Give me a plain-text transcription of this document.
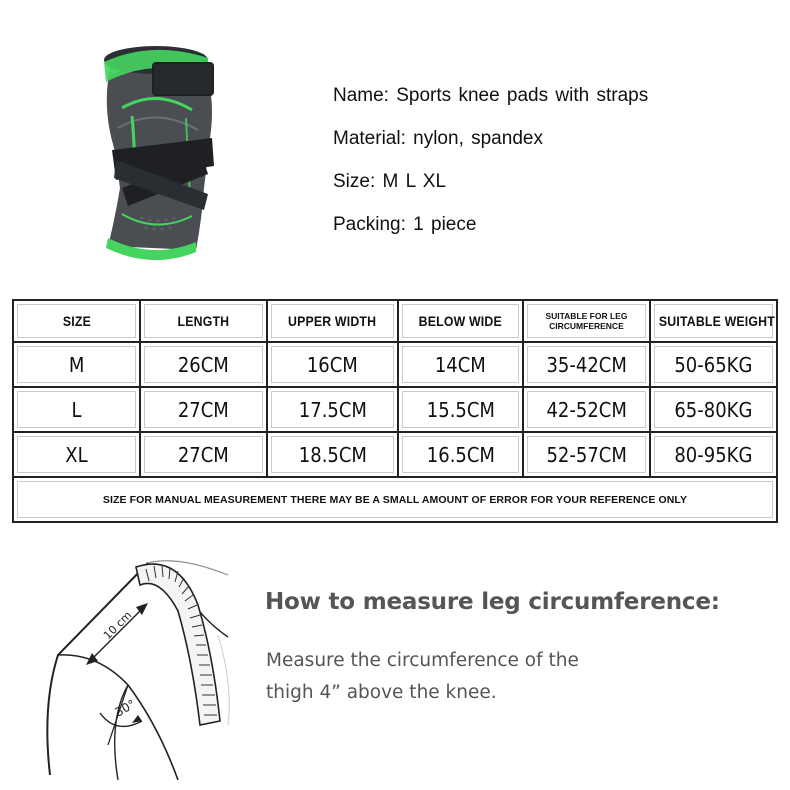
Name: Sports knee pads with straps
Material: nylon, spandex
Size: M L XL
Packing: 1 piece
SIZE	LENGTH	UPPER WIDTH	BELOW WIDE	SUITABLE FOR LEG CIRCUMFERENCE	SUITABLE WEIGHT
M	26CM	16CM	14CM	35-42CM	50-65KG
L	27CM	17.5CM	15.5CM	42-52CM	65-80KG
XL	27CM	18.5CM	16.5CM	52-57CM	80-95KG
SIZE FOR MANUAL MEASUREMENT THERE MAY BE A SMALL AMOUNT OF ERROR FOR YOUR REFERENCE ONLY					
10 cm
30°
How to measure leg circumference:
Measure the circumference of the
thigh 4” above the knee.
